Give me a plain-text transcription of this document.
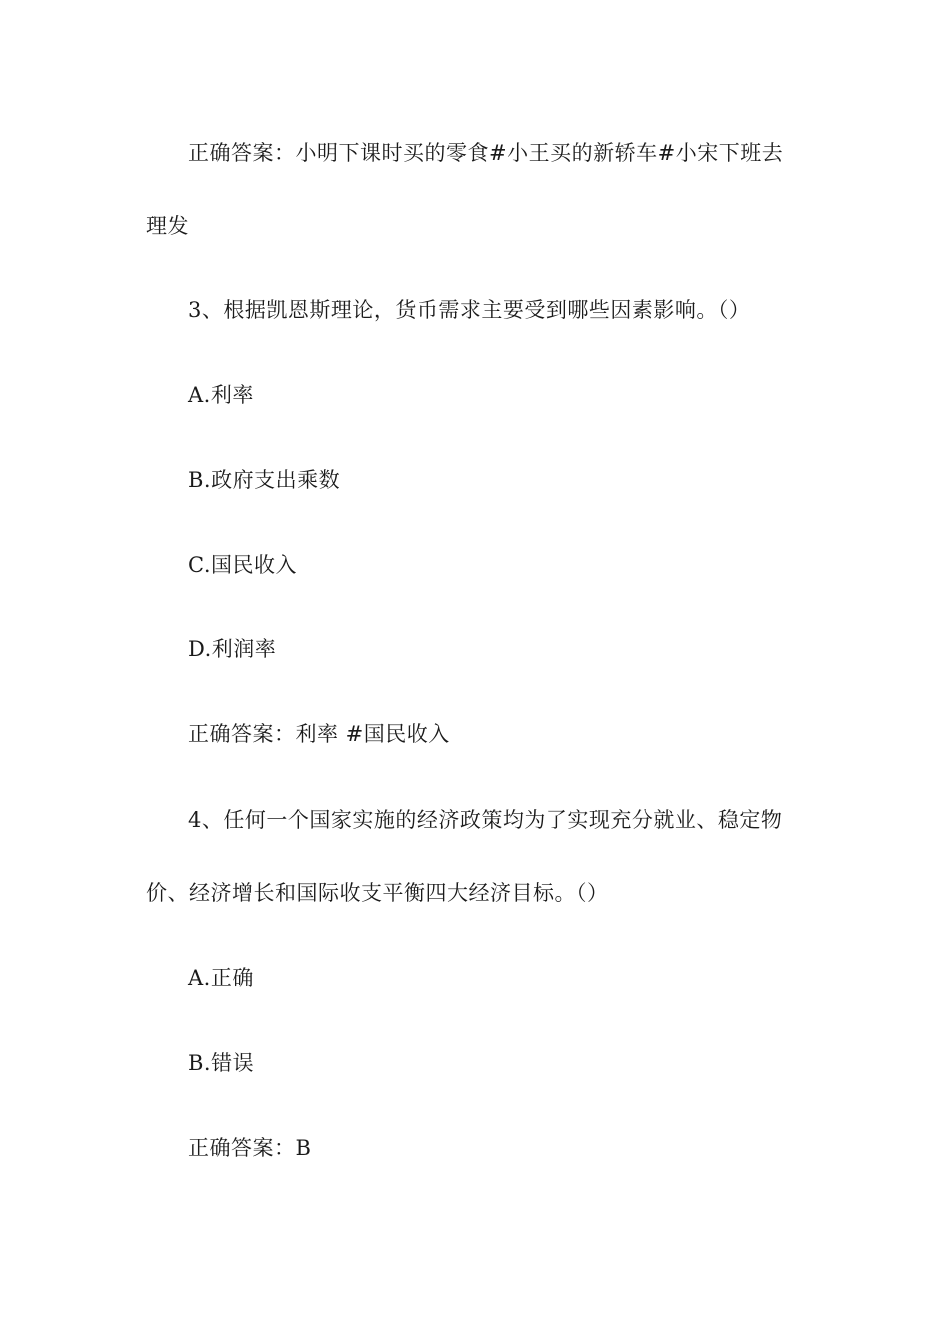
正确答案：小明下课时买的零食#小王买的新轿车#小宋下班去

理发

3、根据凯恩斯理论，货币需求主要受到哪些因素影响。（）

A.利率

B.政府支出乘数

C.国民收入

D.利润率

正确答案：利率 #国民收入

4、任何一个国家实施的经济政策均为了实现充分就业、稳定物

价、经济增长和国际收支平衡四大经济目标。（）

A.正确

B.错误

正确答案：B
